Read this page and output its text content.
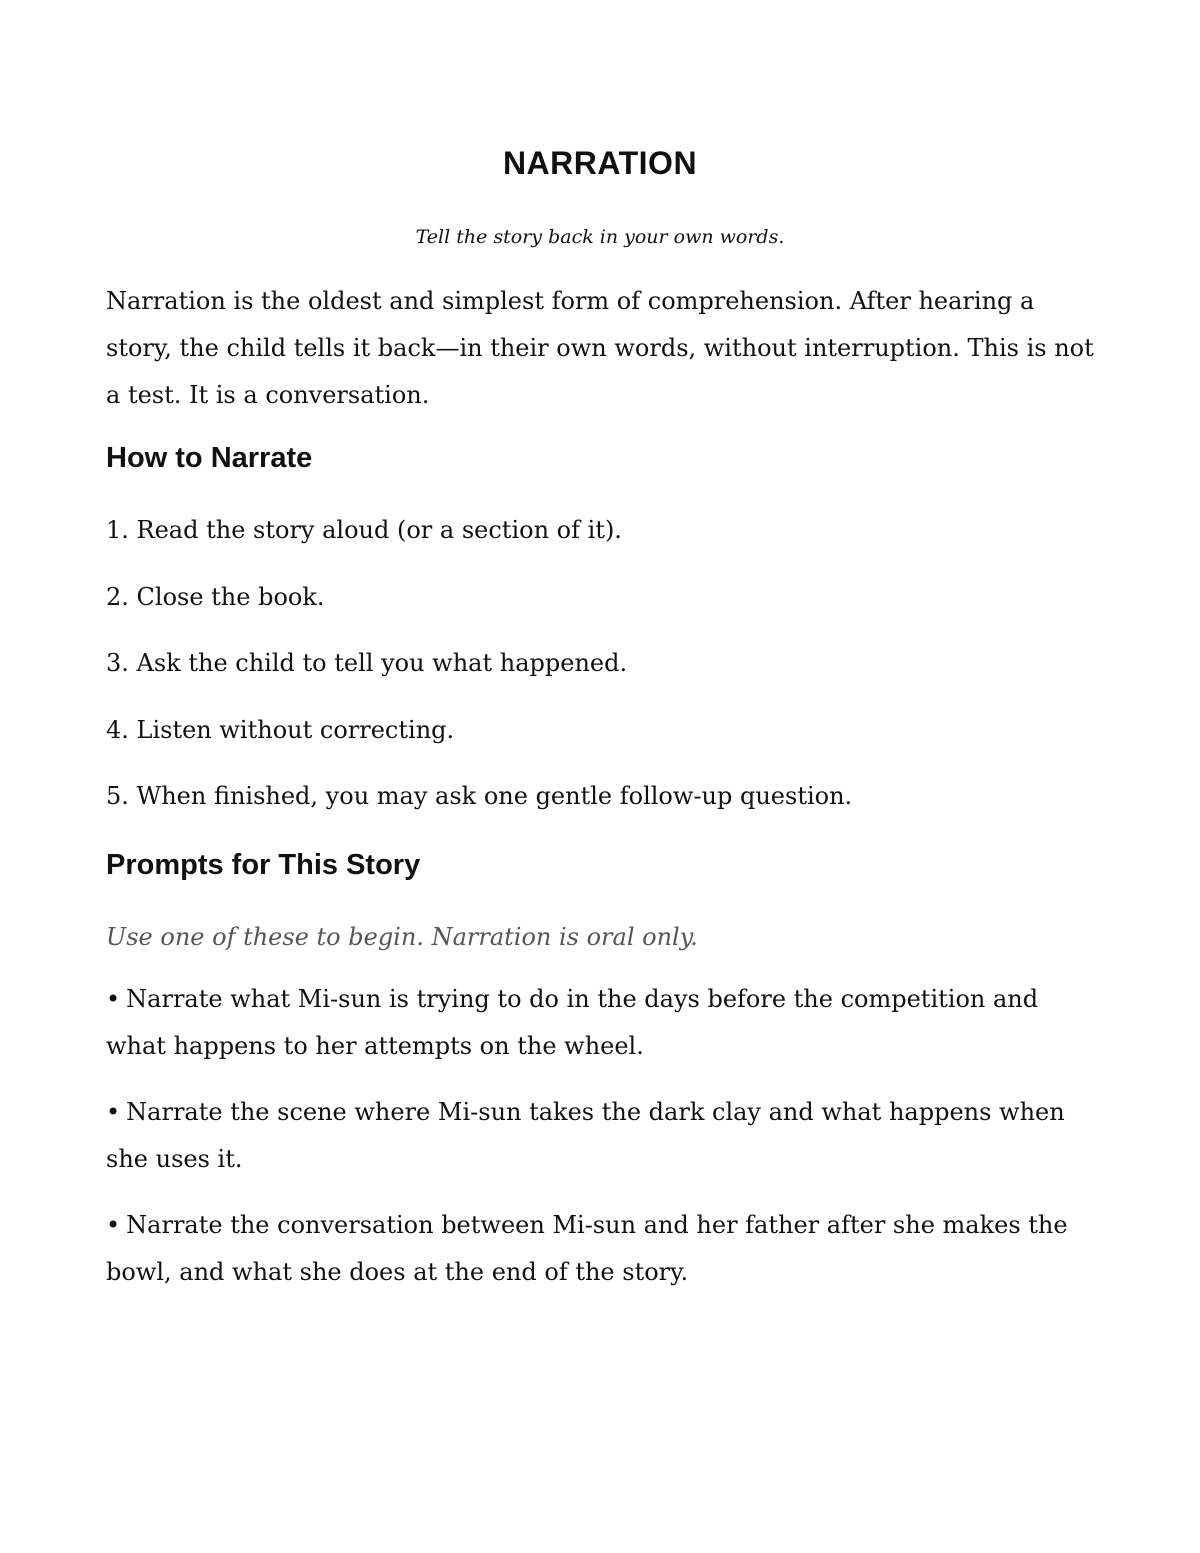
NARRATION

Tell the story back in your own words.

Narration is the oldest and simplest form of comprehension. After hearing a story, the child tells it back—in their own words, without interruption. This is not a test. It is a conversation.

How to Narrate
1. Read the story aloud (or a section of it).
2. Close the book.
3. Ask the child to tell you what happened.
4. Listen without correcting.
5. When finished, you may ask one gentle follow-up question.
Prompts for This Story

Use one of these to begin. Narration is oral only.

• Narrate what Mi-sun is trying to do in the days before the competition and what happens to her attempts on the wheel.
• Narrate the scene where Mi-sun takes the dark clay and what happens when she uses it.
• Narrate the conversation between Mi-sun and her father after she makes the bowl, and what she does at the end of the story.
